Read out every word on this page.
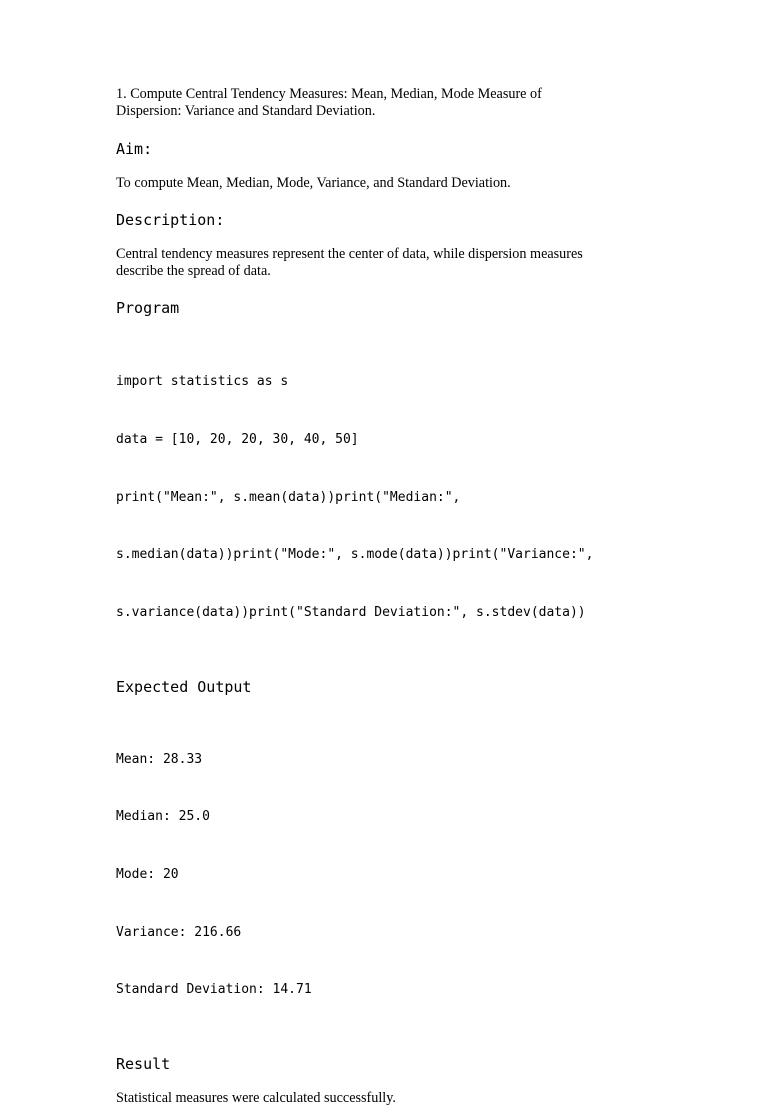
1. Compute Central Tendency Measures: Mean, Median, Mode Measure of
Dispersion: Variance and Standard Deviation.

Aim:

To compute Mean, Median, Mode, Variance, and Standard Deviation.

Description:

Central tendency measures represent the center of data, while dispersion measures
describe the spread of data.

Program

import statistics as s

data = [10, 20, 20, 30, 40, 50]

print("Mean:", s.mean(data))print("Median:",

s.median(data))print("Mode:", s.mode(data))print("Variance:",

s.variance(data))print("Standard Deviation:", s.stdev(data))

Expected Output

Mean: 28.33

Median: 25.0

Mode: 20

Variance: 216.66

Standard Deviation: 14.71

Result

Statistical measures were calculated successfully.
